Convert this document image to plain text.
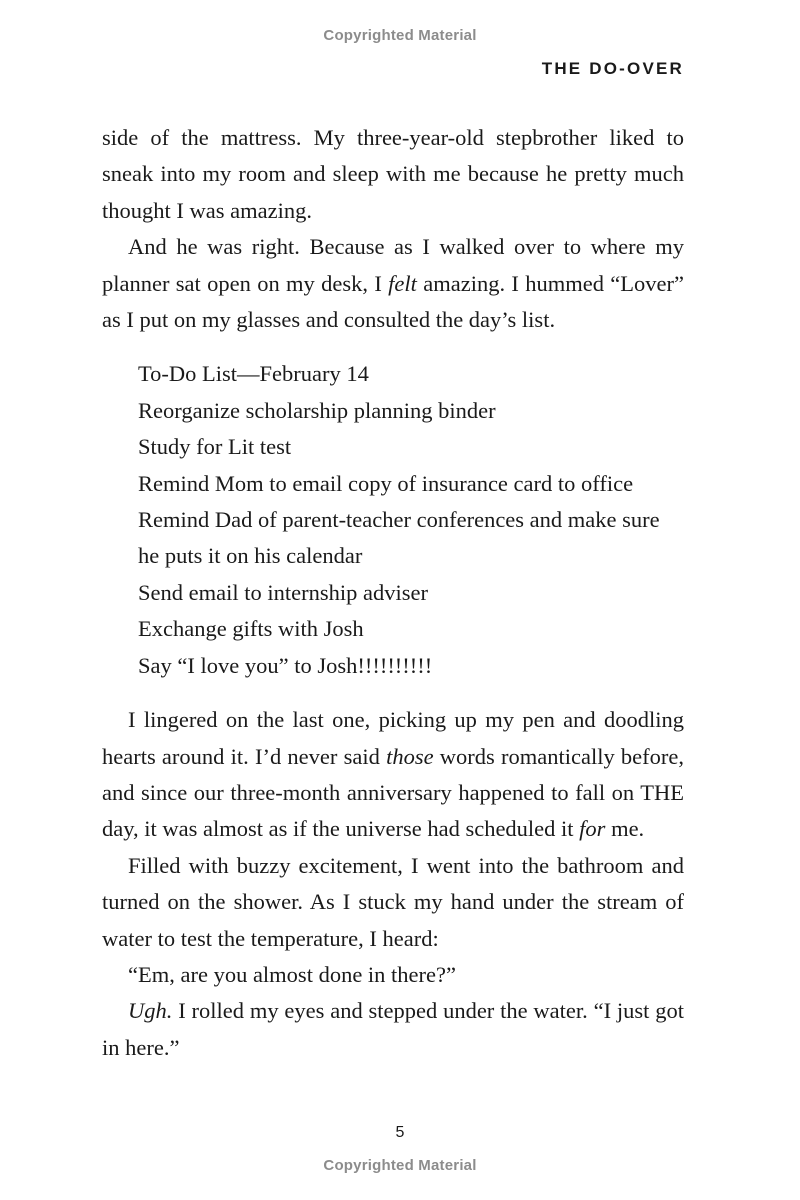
Copyrighted Material
THE DO-OVER

side of the mattress. My three-year-old stepbrother liked to sneak into my room and sleep with me because he pretty much thought I was amazing.

And he was right. Because as I walked over to where my planner sat open on my desk, I felt amazing. I hummed “Lover” as I put on my glasses and consulted the day’s list.

To-Do List—February 14
Reorganize scholarship planning binder
Study for Lit test
Remind Mom to email copy of insurance card to office
Remind Dad of parent-teacher conferences and make sure
he puts it on his calendar
Send email to internship adviser
Exchange gifts with Josh
Say “I love you” to Josh!!!!!!!!!!

I lingered on the last one, picking up my pen and doodling hearts around it. I’d never said those words romantically before, and since our three-month anniversary happened to fall on THE day, it was almost as if the universe had scheduled it for me.

Filled with buzzy excitement, I went into the bathroom and turned on the shower. As I stuck my hand under the stream of water to test the temperature, I heard:

“Em, are you almost done in there?”

Ugh. I rolled my eyes and stepped under the water. “I just got in here.”

5
Copyrighted Material
